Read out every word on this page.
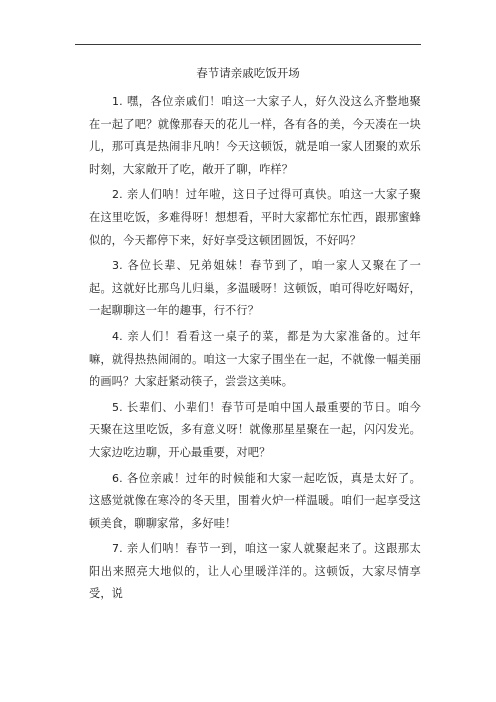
春节请亲戚吃饭开场

1. 嘿，各位亲戚们！咱这一大家子人，好久没这么齐整地聚在一起了吧？就像那春天的花儿一样，各有各的美，今天凑在一块儿，那可真是热闹非凡呐！今天这顿饭，就是咱一家人团聚的欢乐时刻，大家敞开了吃，敞开了聊，咋样？

2. 亲人们呐！过年啦，这日子过得可真快。咱这一大家子聚在这里吃饭，多难得呀！想想看，平时大家都忙东忙西，跟那蜜蜂似的，今天都停下来，好好享受这顿团圆饭，不好吗？

3. 各位长辈、兄弟姐妹！春节到了，咱一家人又聚在了一起。这就好比那鸟儿归巢，多温暖呀！这顿饭，咱可得吃好喝好，一起聊聊这一年的趣事，行不行？

4. 亲人们！看看这一桌子的菜，都是为大家准备的。过年嘛，就得热热闹闹的。咱这一大家子围坐在一起，不就像一幅美丽的画吗？大家赶紧动筷子，尝尝这美味。

5. 长辈们、小辈们！春节可是咱中国人最重要的节日。咱今天聚在这里吃饭，多有意义呀！就像那星星聚在一起，闪闪发光。大家边吃边聊，开心最重要，对吧？

6. 各位亲戚！过年的时候能和大家一起吃饭，真是太好了。这感觉就像在寒冷的冬天里，围着火炉一样温暖。咱们一起享受这顿美食，聊聊家常，多好哇！

7. 亲人们呐！春节一到，咱这一家人就聚起来了。这跟那太阳出来照亮大地似的，让人心里暖洋洋的。这顿饭，大家尽情享受，说
